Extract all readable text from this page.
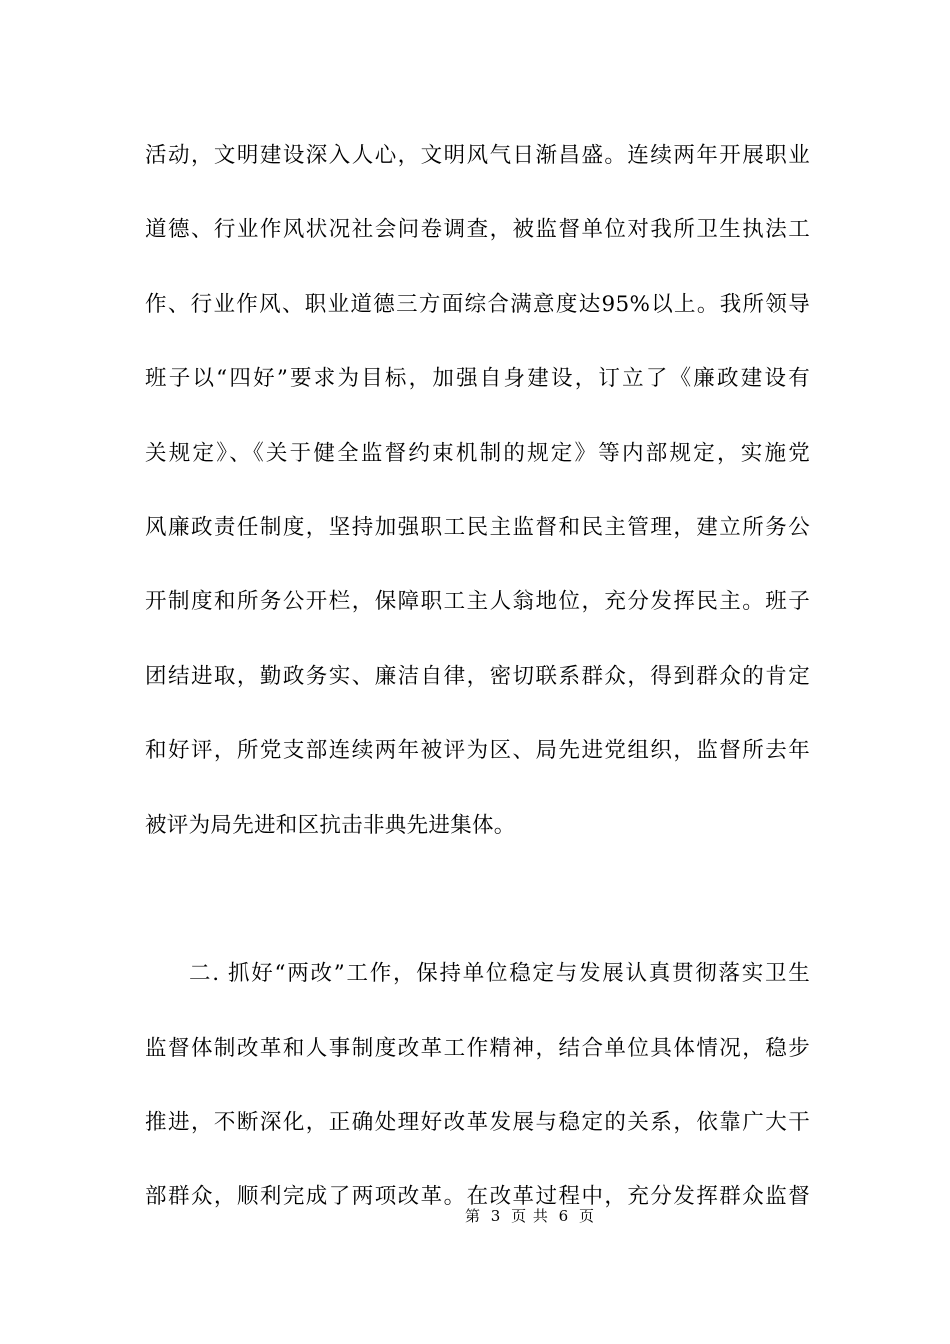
活动，文明建设深入人心，文明风气日渐昌盛。连续两年开展职业
道德、行业作风状况社会问卷调查，被监督单位对我所卫生执法工
作、行业作风、职业道德三方面综合满意度达95%以上。我所领导
班子以“四好”要求为目标，加强自身建设，订立了《廉政建设有
关规定》、《关于健全监督约束机制的规定》等内部规定，实施党
风廉政责任制度，坚持加强职工民主监督和民主管理，建立所务公
开制度和所务公开栏，保障职工主人翁地位，充分发挥民主。班子
团结进取，勤政务实、廉洁自律，密切联系群众，得到群众的肯定
和好评，所党支部连续两年被评为区、局先进党组织，监督所去年
被评为局先进和区抗击非典先进集体。
二. 抓好“两改”工作，保持单位稳定与发展认真贯彻落实卫生
监督体制改革和人事制度改革工作精神，结合单位具体情况，稳步
推进，不断深化，正确处理好改革发展与稳定的关系，依靠广大干
部群众，顺利完成了两项改革。在改革过程中，充分发挥群众监督
第 3 页 共 6 页
